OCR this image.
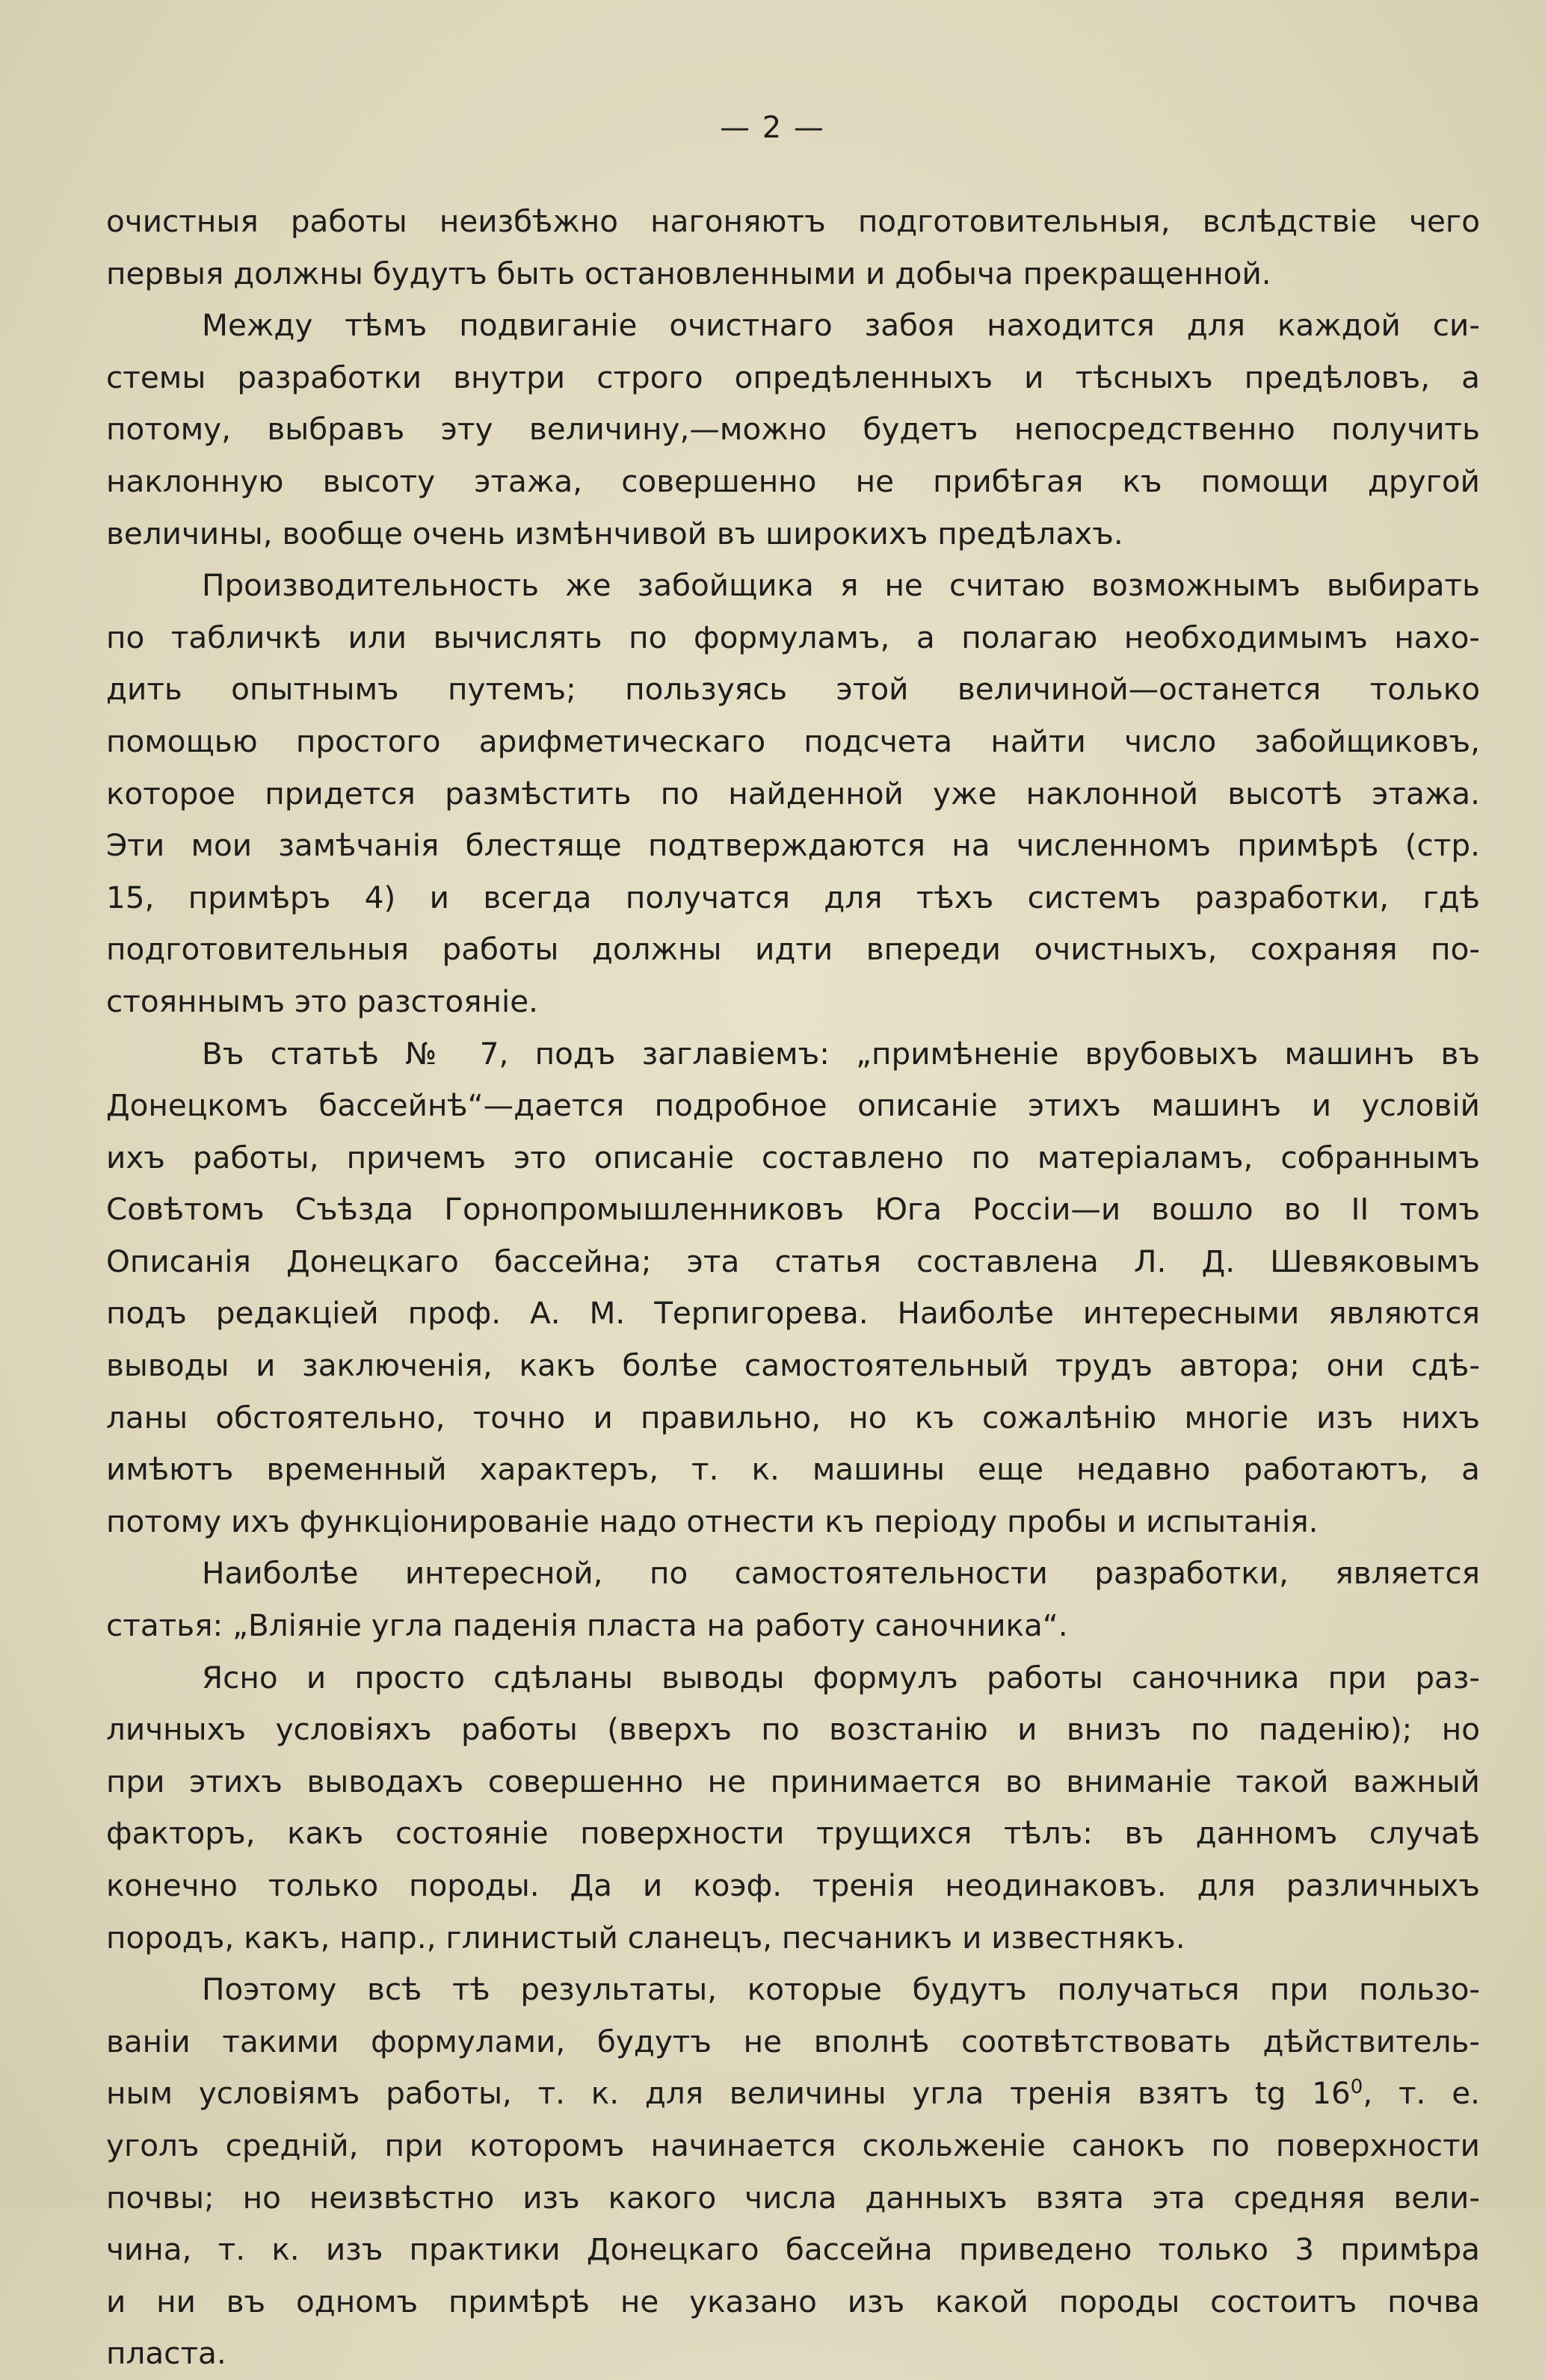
— 2 —
очистныя работы неизбѣжно нагоняютъ подготовительныя, вслѣдствіе чего
первыя должны будутъ быть остановленными и добыча прекращенной.
Между тѣмъ подвиганіе очистнаго забоя находится для каждой си-
стемы разработки внутри строго опредѣленныхъ и тѣсныхъ предѣловъ, а
потому, выбравъ эту величину,—можно будетъ непосредственно получить
наклонную высоту этажа, совершенно не прибѣгая къ помощи другой
величины, вообще очень измѣнчивой въ широкихъ предѣлахъ.
Производительность же забойщика я не считаю возможнымъ выбирать
по табличкѣ или вычислять по формуламъ, а полагаю необходимымъ нахо-
дить опытнымъ путемъ; пользуясь этой величиной—останется только
помощью простого арифметическаго подсчета найти число забойщиковъ,
которое придется размѣстить по найденной уже наклонной высотѣ этажа.
Эти мои замѣчанія блестяще подтверждаются на численномъ примѣрѣ (стр.
15, примѣръ 4) и всегда получатся для тѣхъ системъ разработки, гдѣ
подготовительныя работы должны идти впереди очистныхъ, сохраняя по-
стояннымъ это разстояніе.
Въ статьѣ № 7, подъ заглавіемъ: „примѣненіе врубовыхъ машинъ въ
Донецкомъ бассейнѣ“—дается подробное описаніе этихъ машинъ и условій
ихъ работы, причемъ это описаніе составлено по матеріаламъ, собраннымъ
Совѣтомъ Съѣзда Горнопромышленниковъ Юга Россіи—и вошло во II томъ
Описанія Донецкаго бассейна; эта статья составлена Л. Д. Шевяковымъ
подъ редакціей проф. А. М. Терпигорева. Наиболѣе интересными являются
выводы и заключенія, какъ болѣе самостоятельный трудъ автора; они сдѣ-
ланы обстоятельно, точно и правильно, но къ сожалѣнію многіе изъ нихъ
имѣютъ временный характеръ, т. к. машины еще недавно работаютъ, а
потому ихъ функціонированіе надо отнести къ періоду пробы и испытанія.
Наиболѣе интересной, по самостоятельности разработки, является
статья: „Вліяніе угла паденія пласта на работу саночника“.
Ясно и просто сдѣланы выводы формулъ работы саночника при раз-
личныхъ условіяхъ работы (вверхъ по возстанію и внизъ по паденію); но
при этихъ выводахъ совершенно не принимается во вниманіе такой важный
факторъ, какъ состояніе поверхности трущихся тѣлъ: въ данномъ случаѣ
конечно только породы. Да и коэф. тренія неодинаковъ. для различныхъ
породъ, какъ, напр., глинистый сланецъ, песчаникъ и известнякъ.
Поэтому всѣ тѣ результаты, которые будутъ получаться при пользо-
ваніи такими формулами, будутъ не вполнѣ соотвѣтствовать дѣйствитель-
ным условіямъ работы, т. к. для величины угла тренія взятъ tg $16^0$, т. е.
уголъ средній, при которомъ начинается скольженіе санокъ по поверхности
почвы; но неизвѣстно изъ какого числа данныхъ взята эта средняя вели-
чина, т. к. изъ практики Донецкаго бассейна приведено только 3 примѣра
и ни въ одномъ примѣрѣ не указано изъ какой породы состоитъ почва
пласта.
